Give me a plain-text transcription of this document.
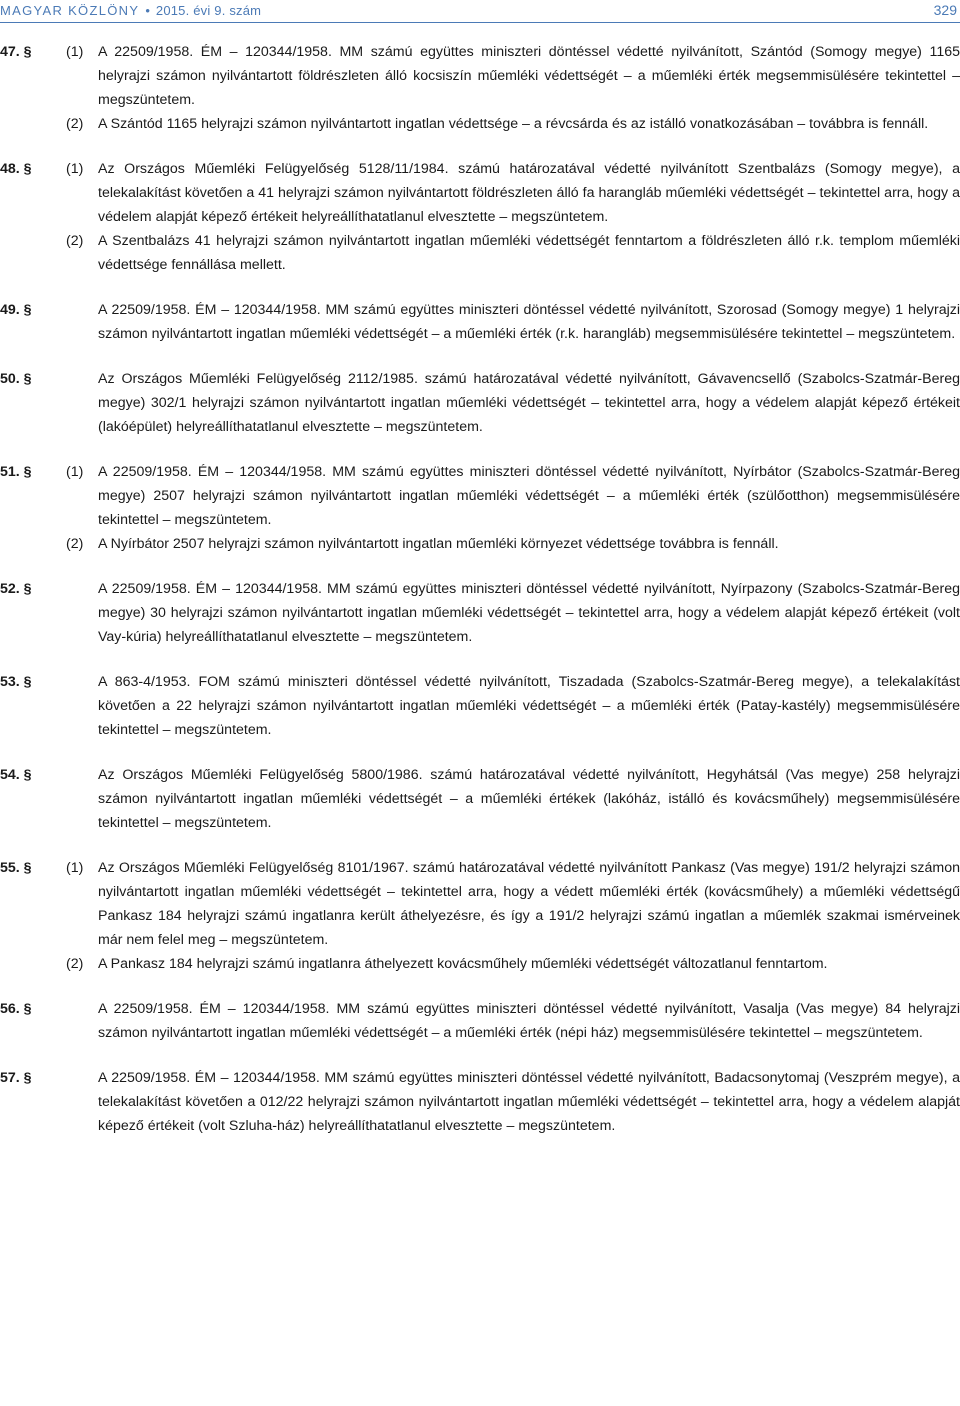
MAGYAR KÖZLÖNY • 2015. évi 9. szám	329
47. § (1) A 22509/1958. ÉM – 120344/1958. MM számú együttes miniszteri döntéssel védetté nyilvánított, Szántód (Somogy megye) 1165 helyrajzi számon nyilvántartott földrészleten álló kocsiszín műemléki védettségét – a műemléki érték megsemmisülésére tekintettel – megszüntetem.
(2) A Szántód 1165 helyrajzi számon nyilvántartott ingatlan védettsége – a révcsárda és az istálló vonatkozásában – továbbra is fennáll.
48. § (1) Az Országos Műemléki Felügyelőség 5128/11/1984. számú határozatával védetté nyilvánított Szentbalázs (Somogy megye), a telekalakítást követően a 41 helyrajzi számon nyilvántartott földrészleten álló fa harangláb műemléki védettségét – tekintettel arra, hogy a védelem alapját képező értékeit helyreállíthatatlanul elvesztette – megszüntetem.
(2) A Szentbalázs 41 helyrajzi számon nyilvántartott ingatlan műemléki védettségét fenntartom a földrészleten álló r.k. templom műemléki védettsége fennállása mellett.
49. §	A 22509/1958. ÉM – 120344/1958. MM számú együttes miniszteri döntéssel védetté nyilvánított, Szorosad (Somogy megye) 1 helyrajzi számon nyilvántartott ingatlan műemléki védettségét – a műemléki érték (r.k. harangláb) megsemmisülésére tekintettel – megszüntetem.
50. §	Az Országos Műemléki Felügyelőség 2112/1985. számú határozatával védetté nyilvánított, Gávavencsellő (Szabolcs-Szatmár-Bereg megye) 302/1 helyrajzi számon nyilvántartott ingatlan műemléki védettségét – tekintettel arra, hogy a védelem alapját képező értékeit (lakóépület) helyreállíthatatlanul elvesztette – megszüntetem.
51. § (1) A 22509/1958. ÉM – 120344/1958. MM számú együttes miniszteri döntéssel védetté nyilvánított, Nyírbátor (Szabolcs-Szatmár-Bereg megye) 2507 helyrajzi számon nyilvántartott ingatlan műemléki védettségét – a műemléki érték (szülőotthon) megsemmisülésére tekintettel – megszüntetem.
(2) A Nyírbátor 2507 helyrajzi számon nyilvántartott ingatlan műemléki környezet védettsége továbbra is fennáll.
52. §	A 22509/1958. ÉM – 120344/1958. MM számú együttes miniszteri döntéssel védetté nyilvánított, Nyírpazony (Szabolcs-Szatmár-Bereg megye) 30 helyrajzi számon nyilvántartott ingatlan műemléki védettségét – tekintettel arra, hogy a védelem alapját képező értékeit (volt Vay-kúria) helyreállíthatatlanul elvesztette – megszüntetem.
53. §	A 863-4/1953. FOM számú miniszteri döntéssel védetté nyilvánított, Tiszadada (Szabolcs-Szatmár-Bereg megye), a telekalakítást követően a 22 helyrajzi számon nyilvántartott ingatlan műemléki védettségét – a műemléki érték (Patay-kastély) megsemmisülésére tekintettel – megszüntetem.
54. §	Az Országos Műemléki Felügyelőség 5800/1986. számú határozatával védetté nyilvánított, Hegyhátsál (Vas megye) 258 helyrajzi számon nyilvántartott ingatlan műemléki védettségét – a műemléki értékek (lakóház, istálló és kovácsműhely) megsemmisülésére tekintettel – megszüntetem.
55. § (1) Az Országos Műemléki Felügyelőség 8101/1967. számú határozatával védetté nyilvánított Pankasz (Vas megye) 191/2 helyrajzi számon nyilvántartott ingatlan műemléki védettségét – tekintettel arra, hogy a védett műemléki érték (kovácsműhely) a műemléki védettségű Pankasz 184 helyrajzi számú ingatlanra került áthelyezésre, és így a 191/2 helyrajzi számú ingatlan a műemlék szakmai ismérveinek már nem felel meg – megszüntetem.
(2) A Pankasz 184 helyrajzi számú ingatlanra áthelyezett kovácsműhely műemléki védettségét változatlanul fenntartom.
56. §	A 22509/1958. ÉM – 120344/1958. MM számú együttes miniszteri döntéssel védetté nyilvánított, Vasalja (Vas megye) 84 helyrajzi számon nyilvántartott ingatlan műemléki védettségét – a műemléki érték (népi ház) megsemmisülésére tekintettel – megszüntetem.
57. §	A 22509/1958. ÉM – 120344/1958. MM számú együttes miniszteri döntéssel védetté nyilvánított, Badacsonytomaj (Veszprém megye), a telekalakítást követően a 012/22 helyrajzi számon nyilvántartott ingatlan műemléki védettségét – tekintettel arra, hogy a védelem alapját képező értékeit (volt Szluha-ház) helyreállíthatatlanul elvesztette – megszüntetem.
